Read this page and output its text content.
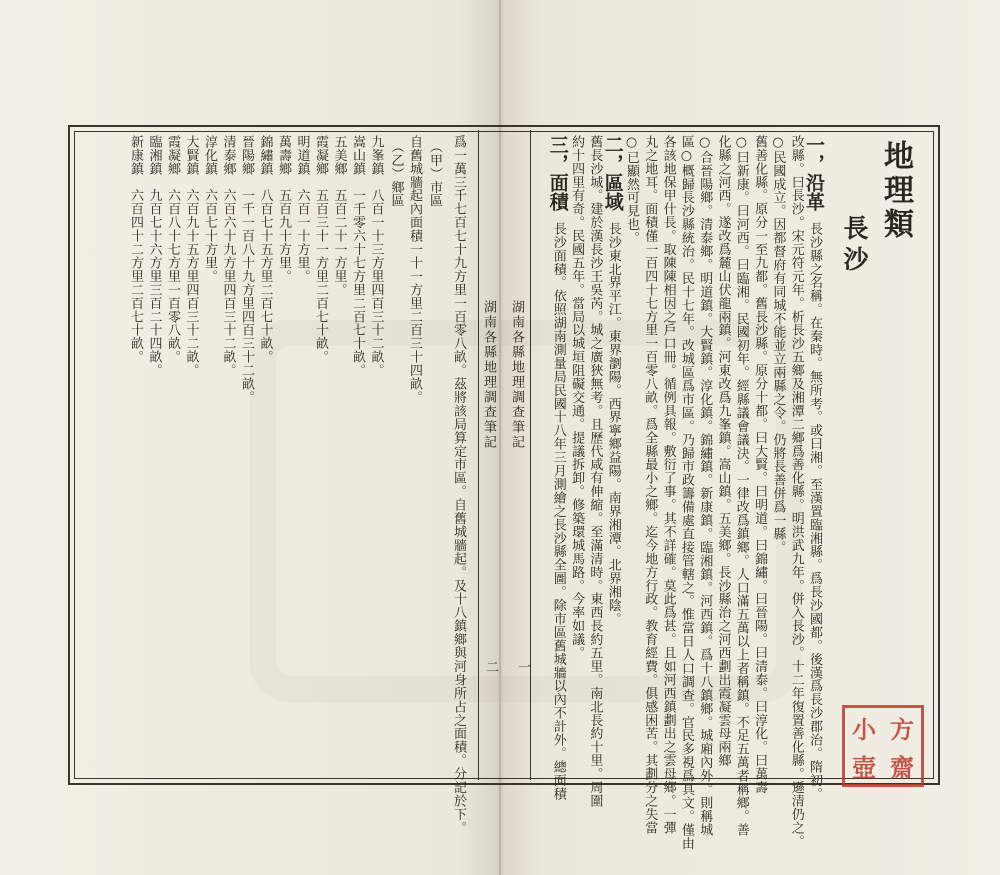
地理類
長沙
一，沿革
長沙縣之名稱。在秦時。無所考。或曰湘。至漢置臨湘縣。爲長沙國都。後漢爲長沙郡治。隋初。
改縣。曰長沙。宋元符元年。析長沙五鄉及湘潭二鄉爲善化縣。明洪武九年。併入長沙。十二年復置善化縣。遜清仍之。
○民國成立。因都督府有同城不能並立兩縣之令。仍將長善併爲一縣。
舊善化縣。原分一至九都。舊長沙縣。原分十都。曰大賢。曰明道。曰錦繡。曰晉陽。曰清泰。曰淳化。曰萬壽
○曰新康。曰河西。曰臨湘。民國初年。經縣議會議決。一律改爲鎮鄉。人口滿五萬以上者稱鎮。不足五萬者稱鄉。善
化縣之河西。遂改爲麓山伏龍兩鎮。河東改爲九峯鎮。嵩山鎮。五美鄉。長沙縣治之河西劃出霞凝雲母兩鄉
○合晉陽鄉。清泰鄉。明道鎮。大賢鎮。淳化鎮。錦繡鎮。新康鎮。臨湘鎮。河西鎮。爲十八鎮鄉。城廂內外。則稱城
區○概歸長沙縣統治。民十七年。改城區爲市區。乃歸市政籌備處直接管轄之。惟當日人口調查。官民多視爲具文。僅由
各該地保甲什長。取陳陳相因之戶口冊。循例具報。敷衍了事。其不詳確。莫此爲甚。且如河西鎮劃出之雲母鄉。一彈
丸之地耳。面積僅一百四十七方里一百零八畝。爲全縣最小之鄉。迄今地方行政。教育經費。俱感困苦。其劃分之失當
○已顯然可見也。
二，區域
長沙東北界平江。東界瀏陽。西界寧鄉益陽。南界湘潭。北界湘陰。
舊長沙城。建於漢長沙王吳芮。城之廣狹無考。且歷代咸有伸縮。至滿清時。東西長約五里。南北長約十里。周圍
約十四里有奇。民國五年。當局以城垣阻礙交通。提議拆卸。修築環城馬路。今率如議。
三，面積
長沙面積。依照湖南測量局民國十八年三月測繪之長沙縣全圖。除市區舊城牆以內不計外。總面積
湖南各縣地理調查筆記
一
湖南各縣地理調查筆記
二
爲一萬三千七百七十九方里一百零八畝。茲將該局算定市區。自舊城牆起。及十八鎮鄉與河身所占之面積。分記於下。
（甲）市區
自舊城牆起內面積一十一方里二百三十四畝。
（乙）鄉區
九峯鎮　八百一十三方里四百三十二畝。
嵩山鎮　一千零六十七方里二百七十畝。
五美鄉　五百二十一方里。
霞凝鄉　五百三十一方里二百七十畝。
明道鎮　六百一十方里。
萬壽鄉　五百九十方里。
錦繡鎮　八百七十五方里二百七十畝。
晉陽鄉　一千一百八十九方里四百三十二畝。
清泰鄉　六百六十九方里四百三十二畝。
淳化鎮　六百七十方里。
大賢鎮　六百九十五方里四百三十二畝。
霞凝鄉　六百八十七方里一百零八畝。
臨湘鎮　九百七十六方里三百二十四畝。
新康鎮　六百四十二方里二百七十畝。
小 方
壺 齋
